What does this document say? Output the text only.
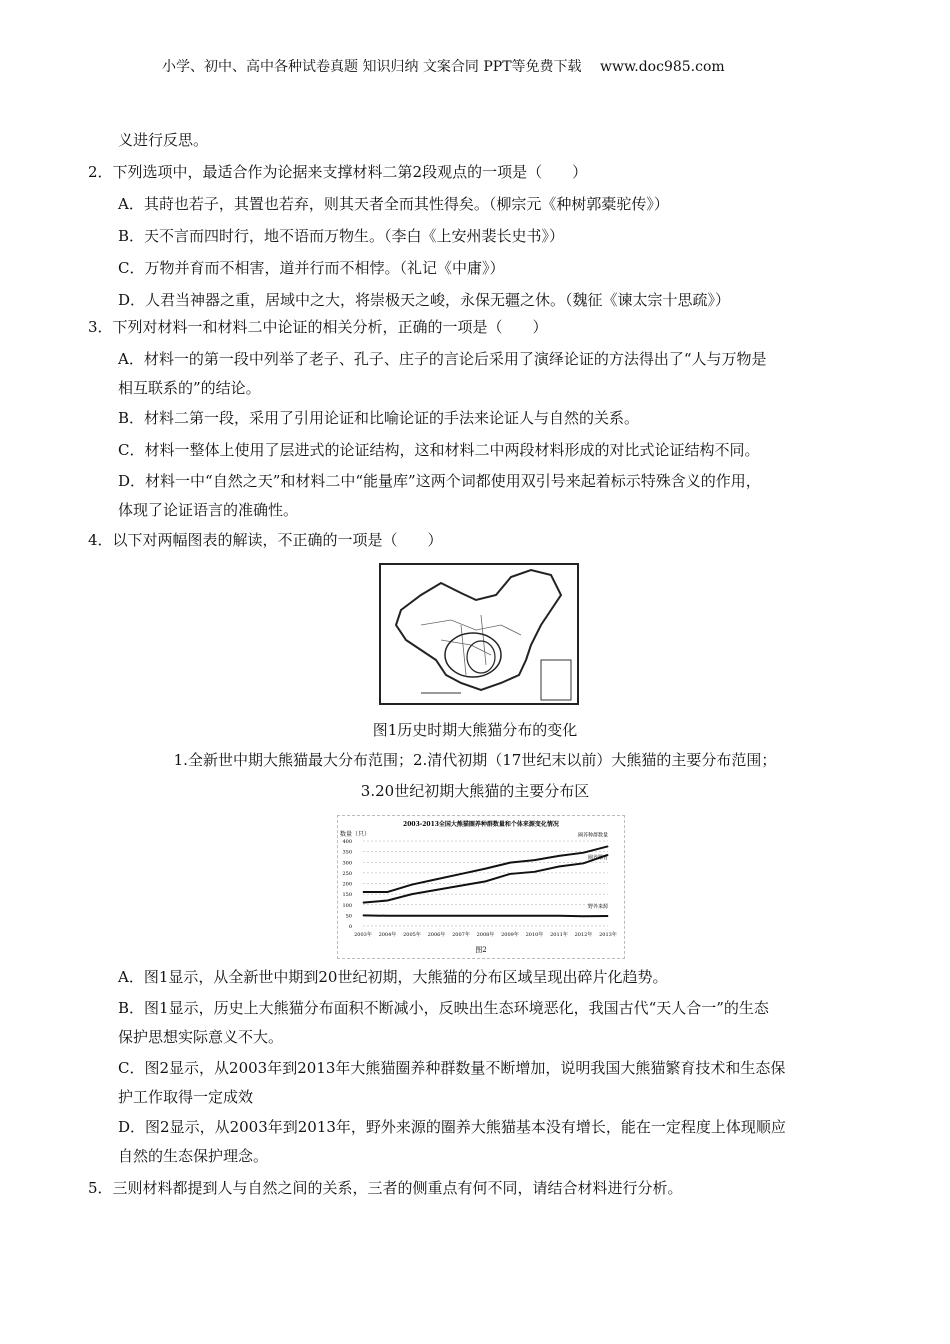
小学、初中、高中各种试卷真题 知识归纳 文案合同 PPT等免费下载　 www.doc985.com
2003-2013全国大熊猫圈养种群数量和个体来源变化情况
数量（只）
0
50
100
150
200
250
300
350
400
2003年 2004年 2005年 2006年 2007年 2008年 2009年 2010年 2011年 2012年 2013年
圈养种群数量
圈养繁育
野外来源
图2
义进行反思。
2．下列选项中，最适合作为论据来支撑材料二第2段观点的一项是（　　）
A．其莳也若子，其置也若弃，则其天者全而其性得矣。（柳宗元《种树郭橐驼传》）
B．天不言而四时行，地不语而万物生。（李白《上安州裴长史书》）
C．万物并育而不相害，道并行而不相悖。（礼记《中庸》）
D．人君当神器之重，居域中之大，将崇极天之峻，永保无疆之休。（魏征《谏太宗十思疏》）
3．下列对材料一和材料二中论证的相关分析，正确的一项是（　　）
A．材料一的第一段中列举了老子、孔子、庄子的言论后采用了演绎论证的方法得出了“人与万物是
相互联系的”的结论。
B．材料二第一段，采用了引用论证和比喻论证的手法来论证人与自然的关系。
C．材料一整体上使用了层进式的论证结构，这和材料二中两段材料形成的对比式论证结构不同。
D．材料一中“自然之天”和材料二中“能量库”这两个词都使用双引号来起着标示特殊含义的作用，
体现了论证语言的准确性。
4．以下对两幅图表的解读，不正确的一项是（　　）
图1历史时期大熊猫分布的变化
1.全新世中期大熊猫最大分布范围；2.清代初期（17世纪末以前）大熊猫的主要分布范围；
3.20世纪初期大熊猫的主要分布区
A．图1显示，从全新世中期到20世纪初期，大熊猫的分布区域呈现出碎片化趋势。
B．图1显示，历史上大熊猫分布面积不断减小，反映出生态环境恶化，我国古代“天人合一”的生态
保护思想实际意义不大。
C．图2显示，从2003年到2013年大熊猫圈养种群数量不断增加，说明我国大熊猫繁育技术和生态保
护工作取得一定成效
D．图2显示，从2003年到2013年，野外来源的圈养大熊猫基本没有增长，能在一定程度上体现顺应
自然的生态保护理念。
5．三则材料都提到人与自然之间的关系，三者的侧重点有何不同，请结合材料进行分析。
